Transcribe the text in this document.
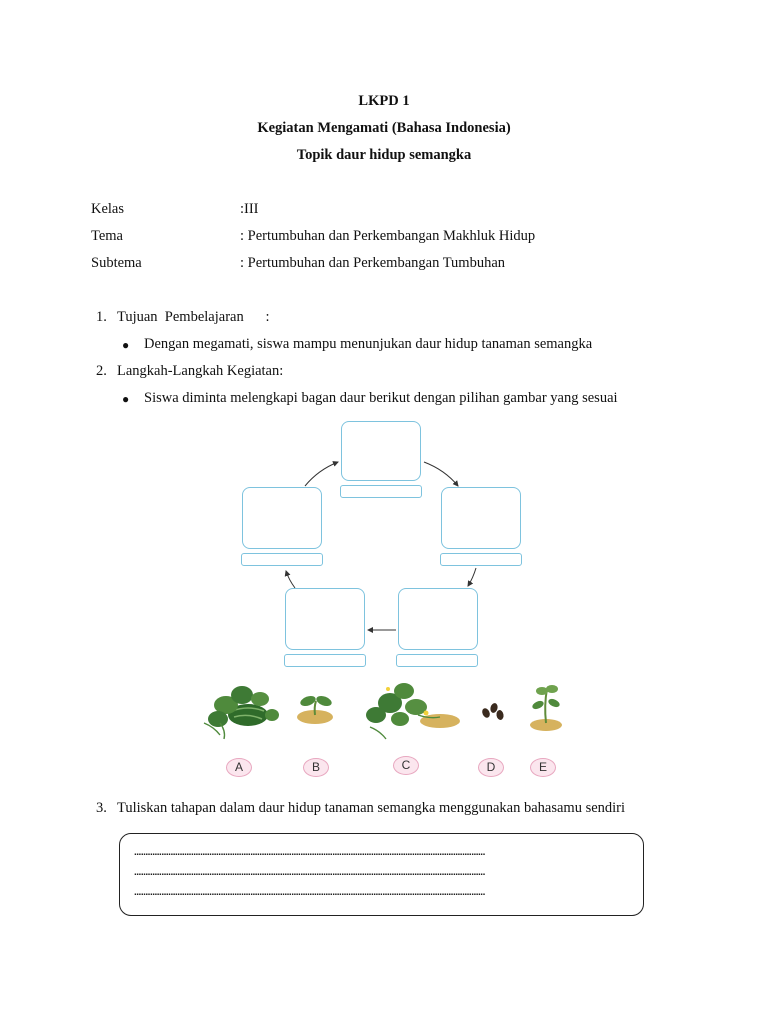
LKPD 1
Kegiatan Mengamati (Bahasa Indonesia)
Topik daur hidup semangka
Kelas	:III
Tema	: Pertumbuhan dan Perkembangan Makhluk Hidup
Subtema	: Pertumbuhan dan Perkembangan Tumbuhan
1. Tujuan  Pembelajaran      :
● Dengan megamati, siswa mampu menunjukan daur hidup tanaman semangka
2. Langkah-Langkah Kegiatan:
● Siswa diminta melengkapi bagan daur berikut dengan pilihan gambar yang sesuai
A	B	C	D	E
3. Tuliskan tahapan dalam daur hidup tanaman semangka menggunakan bahasamu sendiri
..........................................................................................................................................................
..........................................................................................................................................................
..........................................................................................................................................................
